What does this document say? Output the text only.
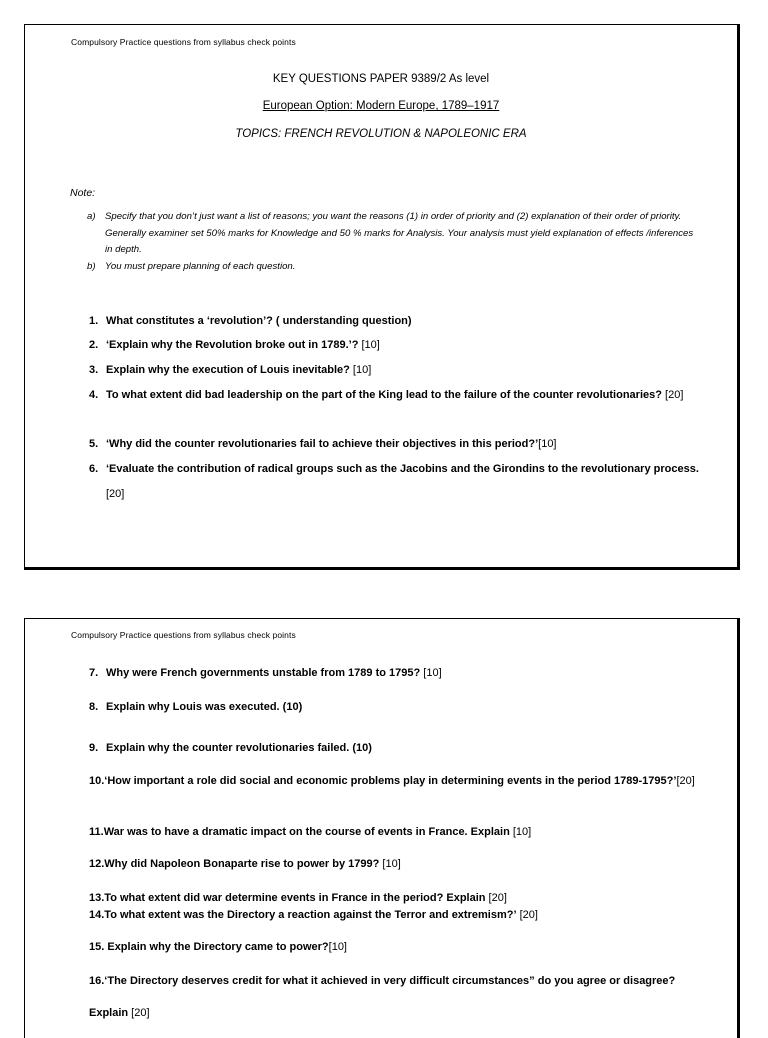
Compulsory Practice questions from syllabus check points
KEY QUESTIONS PAPER 9389/2 As level
European Option: Modern Europe, 1789–1917
TOPICS: FRENCH REVOLUTION & NAPOLEONIC ERA
Note:
a) Specify that you don’t just want a list of reasons; you want the reasons (1) in order of priority and (2) explanation of their order of priority. Generally examiner set 50% marks for Knowledge and 50 % marks for Analysis. Your analysis must yield explanation of effects /inferences in depth.
b) You must prepare planning of each question.
1. What constitutes a ‘revolution’? ( understanding question)
2. ‘Explain why the Revolution broke out in 1789.’? [10]
3. Explain why the execution of Louis inevitable? [10]
4. To what extent did bad leadership on the part of the King lead to the failure of the counter revolutionaries? [20]
5. ‘Why did the counter revolutionaries fail to achieve their objectives in this period?’[10]
6. ‘Evaluate the contribution of radical groups such as the Jacobins and the Girondins to the revolutionary process.[20]
Compulsory Practice questions from syllabus check points
7. Why were French governments unstable from 1789 to 1795? [10]
8. Explain why Louis was executed. (10)
9. Explain why the counter revolutionaries failed. (10)
10.‘How important a role did social and economic problems play in determining events in the period 1789-1795?’[20]
11.War was to have a dramatic impact on the course of events in France. Explain [10]
12.Why did Napoleon Bonaparte rise to power by 1799? [10]
13.To what extent did war determine events in France in the period? Explain [20]
14.To what extent was the Directory a reaction against the Terror and extremism?’ [20]
15. Explain why the Directory came to power?[10]
16.‘The Directory deserves credit for what it achieved in very difficult circumstances” do you agree or disagree? Explain [20]
